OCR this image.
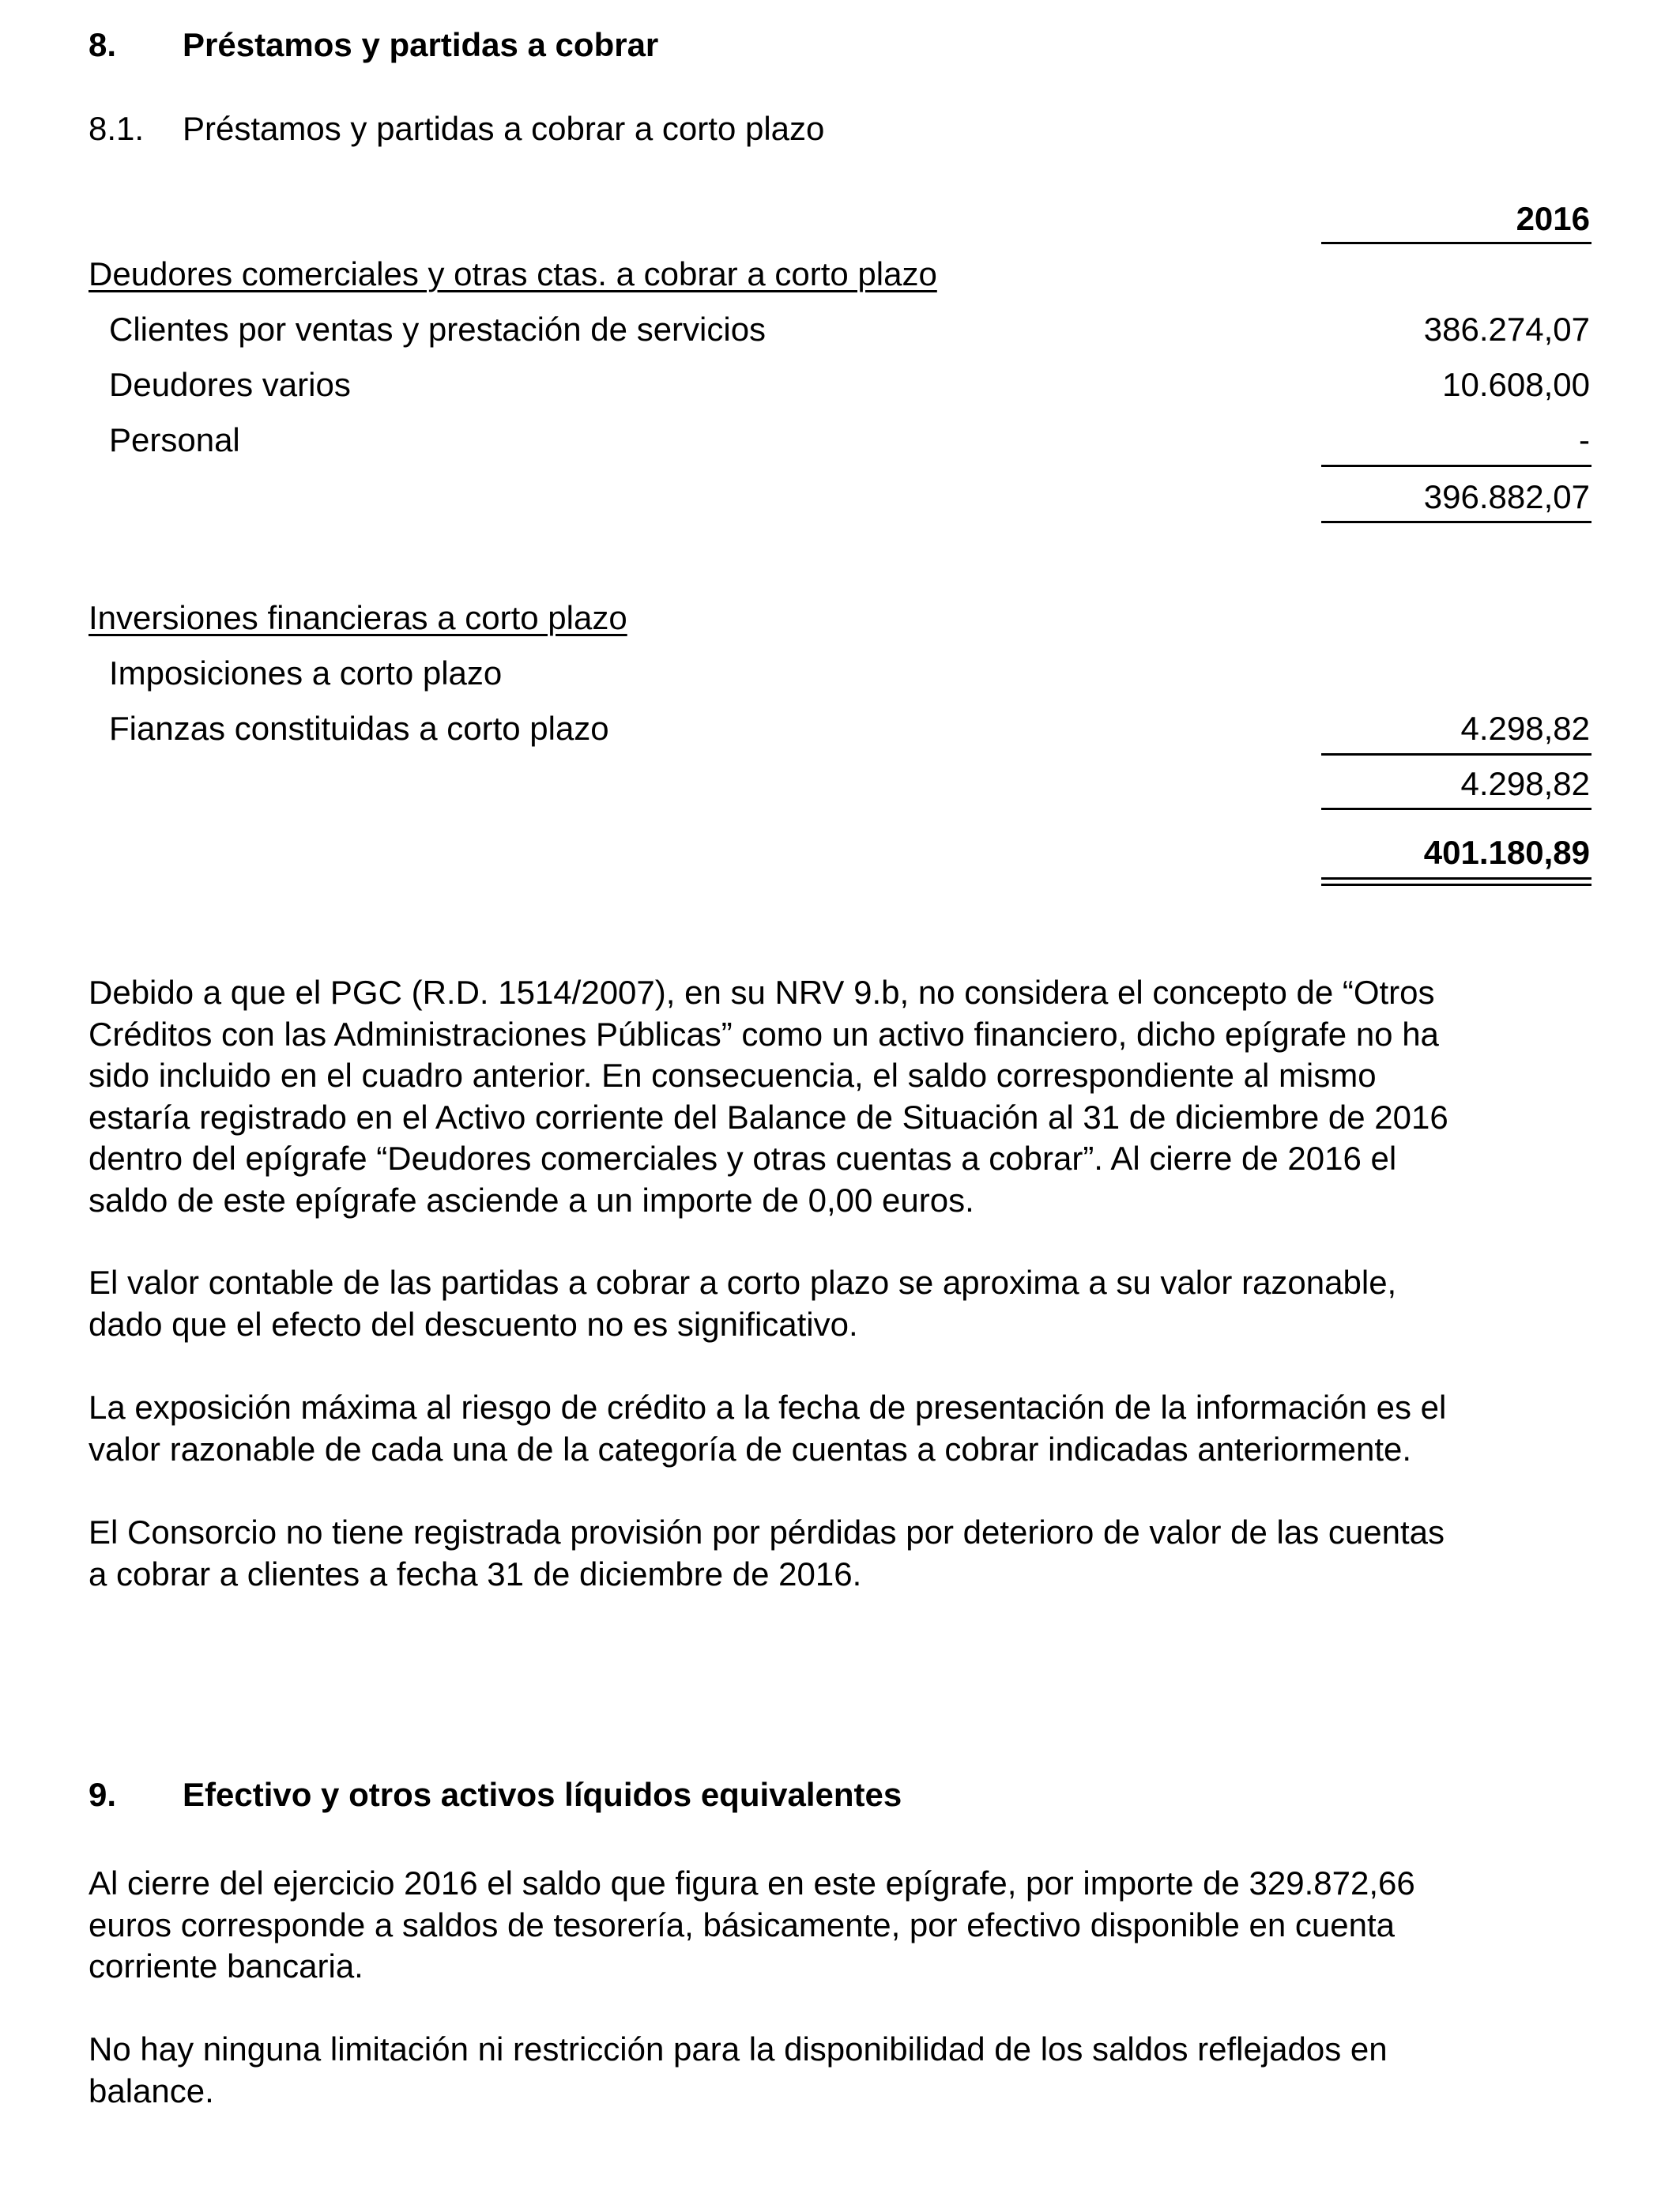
8. Préstamos y partidas a cobrar
8.1. Préstamos y partidas a cobrar a corto plazo
2016
Deudores comerciales y otras ctas. a cobrar a corto plazo
Clientes por ventas y prestación de servicios	386.274,07
Deudores varios	10.608,00
Personal	-
396.882,07
Inversiones financieras a corto plazo
Imposiciones a corto plazo
Fianzas constituidas a corto plazo	4.298,82
4.298,82
401.180,89
Debido a que el PGC (R.D. 1514/2007), en su NRV 9.b, no considera el concepto de “Otros
Créditos con las Administraciones Públicas” como un activo financiero, dicho epígrafe no ha
sido incluido en el cuadro anterior. En consecuencia, el saldo correspondiente al mismo
estaría registrado en el Activo corriente del Balance de Situación al 31 de diciembre de 2016
dentro del epígrafe “Deudores comerciales y otras cuentas a cobrar”. Al cierre de 2016 el
saldo de este epígrafe asciende a un importe de 0,00 euros.
El valor contable de las partidas a cobrar a corto plazo se aproxima a su valor razonable,
dado que el efecto del descuento no es significativo.
La exposición máxima al riesgo de crédito a la fecha de presentación de la información es el
valor razonable de cada una de la categoría de cuentas a cobrar indicadas anteriormente.
El Consorcio no tiene registrada provisión por pérdidas por deterioro de valor de las cuentas
a cobrar a clientes a fecha 31 de diciembre de 2016.
9. Efectivo y otros activos líquidos equivalentes
Al cierre del ejercicio 2016 el saldo que figura en este epígrafe, por importe de 329.872,66
euros corresponde a saldos de tesorería, básicamente, por efectivo disponible en cuenta
corriente bancaria.
No hay ninguna limitación ni restricción para la disponibilidad de los saldos reflejados en
balance.
